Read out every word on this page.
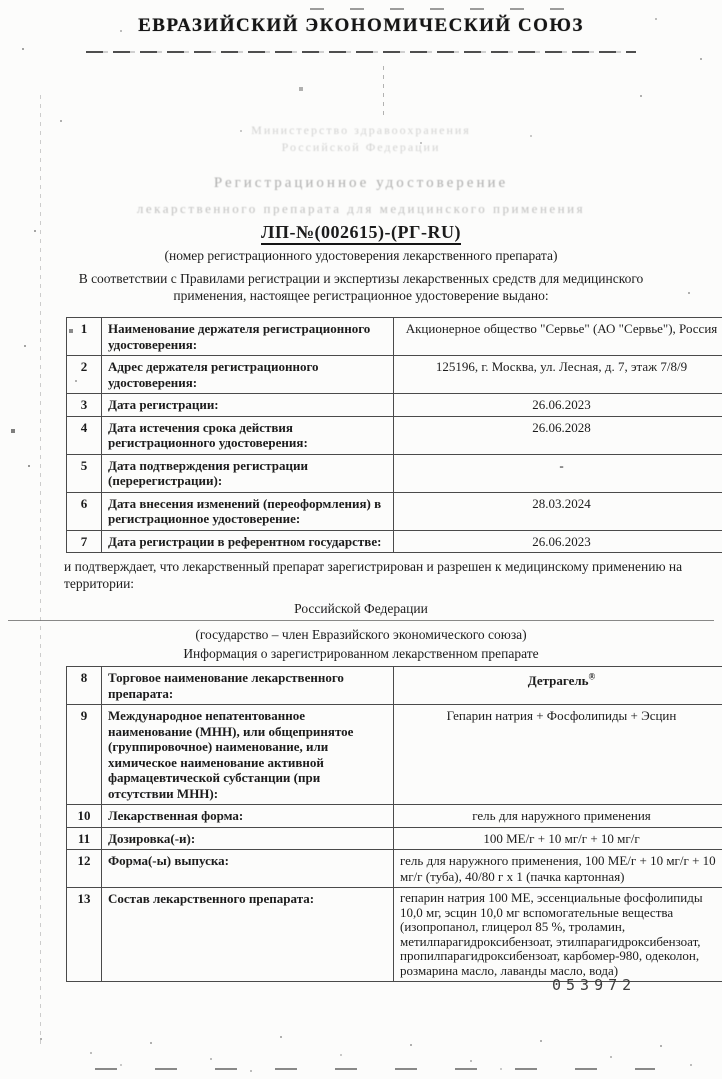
ЕВРАЗИЙСКИЙ ЭКОНОМИЧЕСКИЙ СОЮЗ
Министерство здравоохранения
Российской Федерации
Регистрационное удостоверение
лекарственного препарата для медицинского применения
ЛП-№(002615)-(РГ-RU)
(номер регистрационного удостоверения лекарственного препарата)
В соответствии с Правилами регистрации и экспертизы лекарственных средств для медицинского применения, настоящее регистрационное удостоверение выдано:
1	Наименование держателя регистрационного удостоверения:	Акционерное общество "Сервье" (АО "Сервье"), Россия
2	Адрес держателя регистрационного удостоверения:	125196, г. Москва, ул. Лесная, д. 7, этаж 7/8/9
3	Дата регистрации:	26.06.2023
4	Дата истечения срока действия регистрационного удостоверения:	26.06.2028
5	Дата подтверждения регистрации (перерегистрации):	-
6	Дата внесения изменений (переоформления) в регистрационное удостоверение:	28.03.2024
7	Дата регистрации в референтном государстве:	26.06.2023
и подтверждает, что лекарственный препарат зарегистрирован и разрешен к медицинскому применению на территории:
Российской Федерации
(государство – член Евразийского экономического союза)
Информация о зарегистрированном лекарственном препарате
8	Торговое наименование лекарственного препарата:	Детрагель®
9	Международное непатентованное наименование (МНН), или общепринятое (группировочное) наименование, или химическое наименование активной фармацевтической субстанции (при отсутствии МНН):	Гепарин натрия + Фосфолипиды + Эсцин
10	Лекарственная форма:	гель для наружного применения
11	Дозировка(-и):	100 МЕ/г + 10 мг/г + 10 мг/г
12	Форма(-ы) выпуска:	гель для наружного применения, 100 МЕ/г + 10 мг/г + 10 мг/г (туба), 40/80 г х 1 (пачка картонная)
13	Состав лекарственного препарата:	гепарин натрия 100 МЕ, эссенциальные фосфолипиды 10,0 мг, эсцин 10,0 мг вспомогательные вещества (изопропанол, глицерол 85 %, троламин, метилпарагидроксибензоат, этилпарагидроксибензоат, пропилпарагидроксибензоат, карбомер-980, одеколон, розмарина масло, лаванды масло, вода)
053972
